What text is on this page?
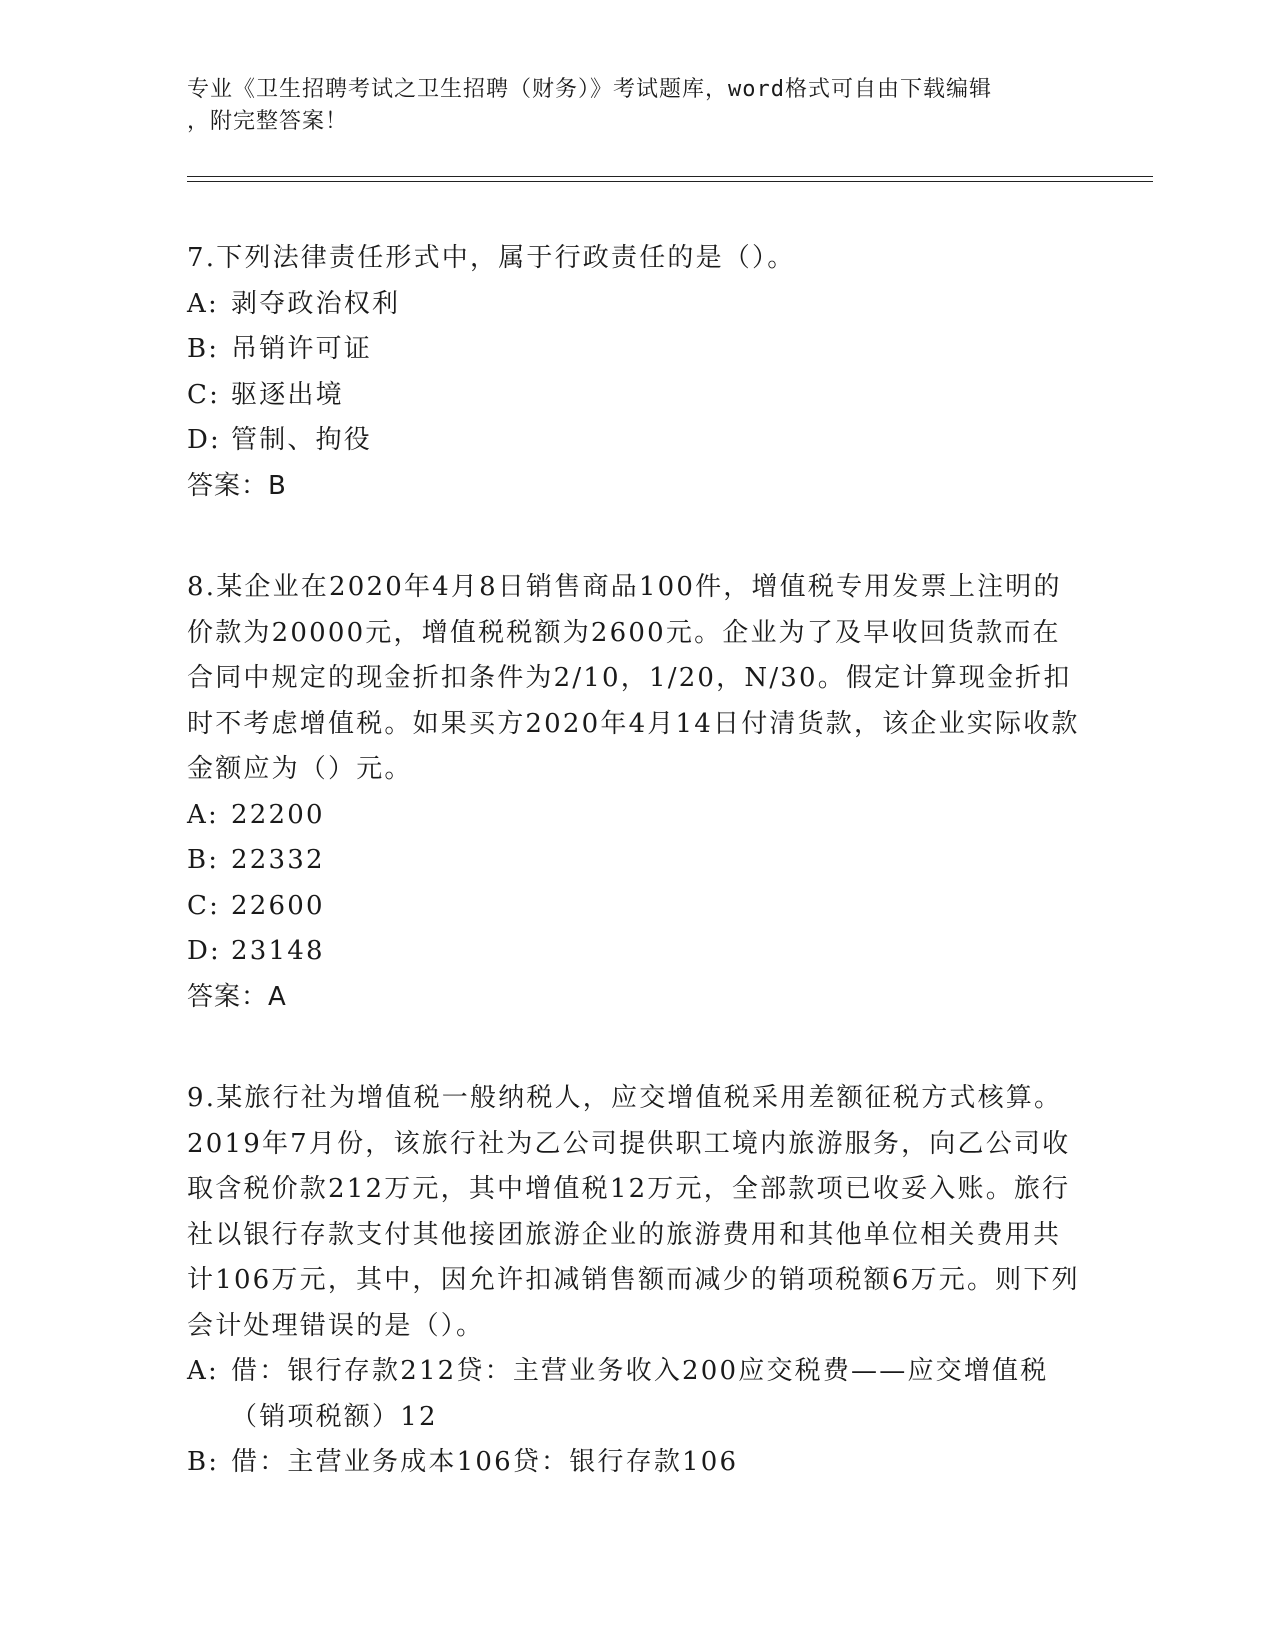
专业《卫生招聘考试之卫生招聘（财务）》考试题库，word格式可自由下载编辑
，附完整答案！

7.下列法律责任形式中，属于行政责任的是（）。

A: 剥夺政治权利

B: 吊销许可证

C: 驱逐出境

D: 管制、拘役

答案：B

8.某企业在2020年4月8日销售商品100件，增值税专用发票上注明的价款为20000元，增值税税额为2600元。企业为了及早收回货款而在合同中规定的现金折扣条件为2/10，1/20，N/30。假定计算现金折扣时不考虑增值税。如果买方2020年4月14日付清货款，该企业实际收款金额应为（）元。

A: 22200

B: 22332

C: 22600

D: 23148

答案：A

9.某旅行社为增值税一般纳税人，应交增值税采用差额征税方式核算。2019年7月份，该旅行社为乙公司提供职工境内旅游服务，向乙公司收取含税价款212万元，其中增值税12万元，全部款项已收妥入账。旅行社以银行存款支付其他接团旅游企业的旅游费用和其他单位相关费用共计106万元，其中，因允许扣减销售额而减少的销项税额6万元。则下列会计处理错误的是（）。

A: 借：银行存款212贷：主营业务收入200应交税费——应交增值税（销项税额）12

B: 借：主营业务成本106贷：银行存款106
